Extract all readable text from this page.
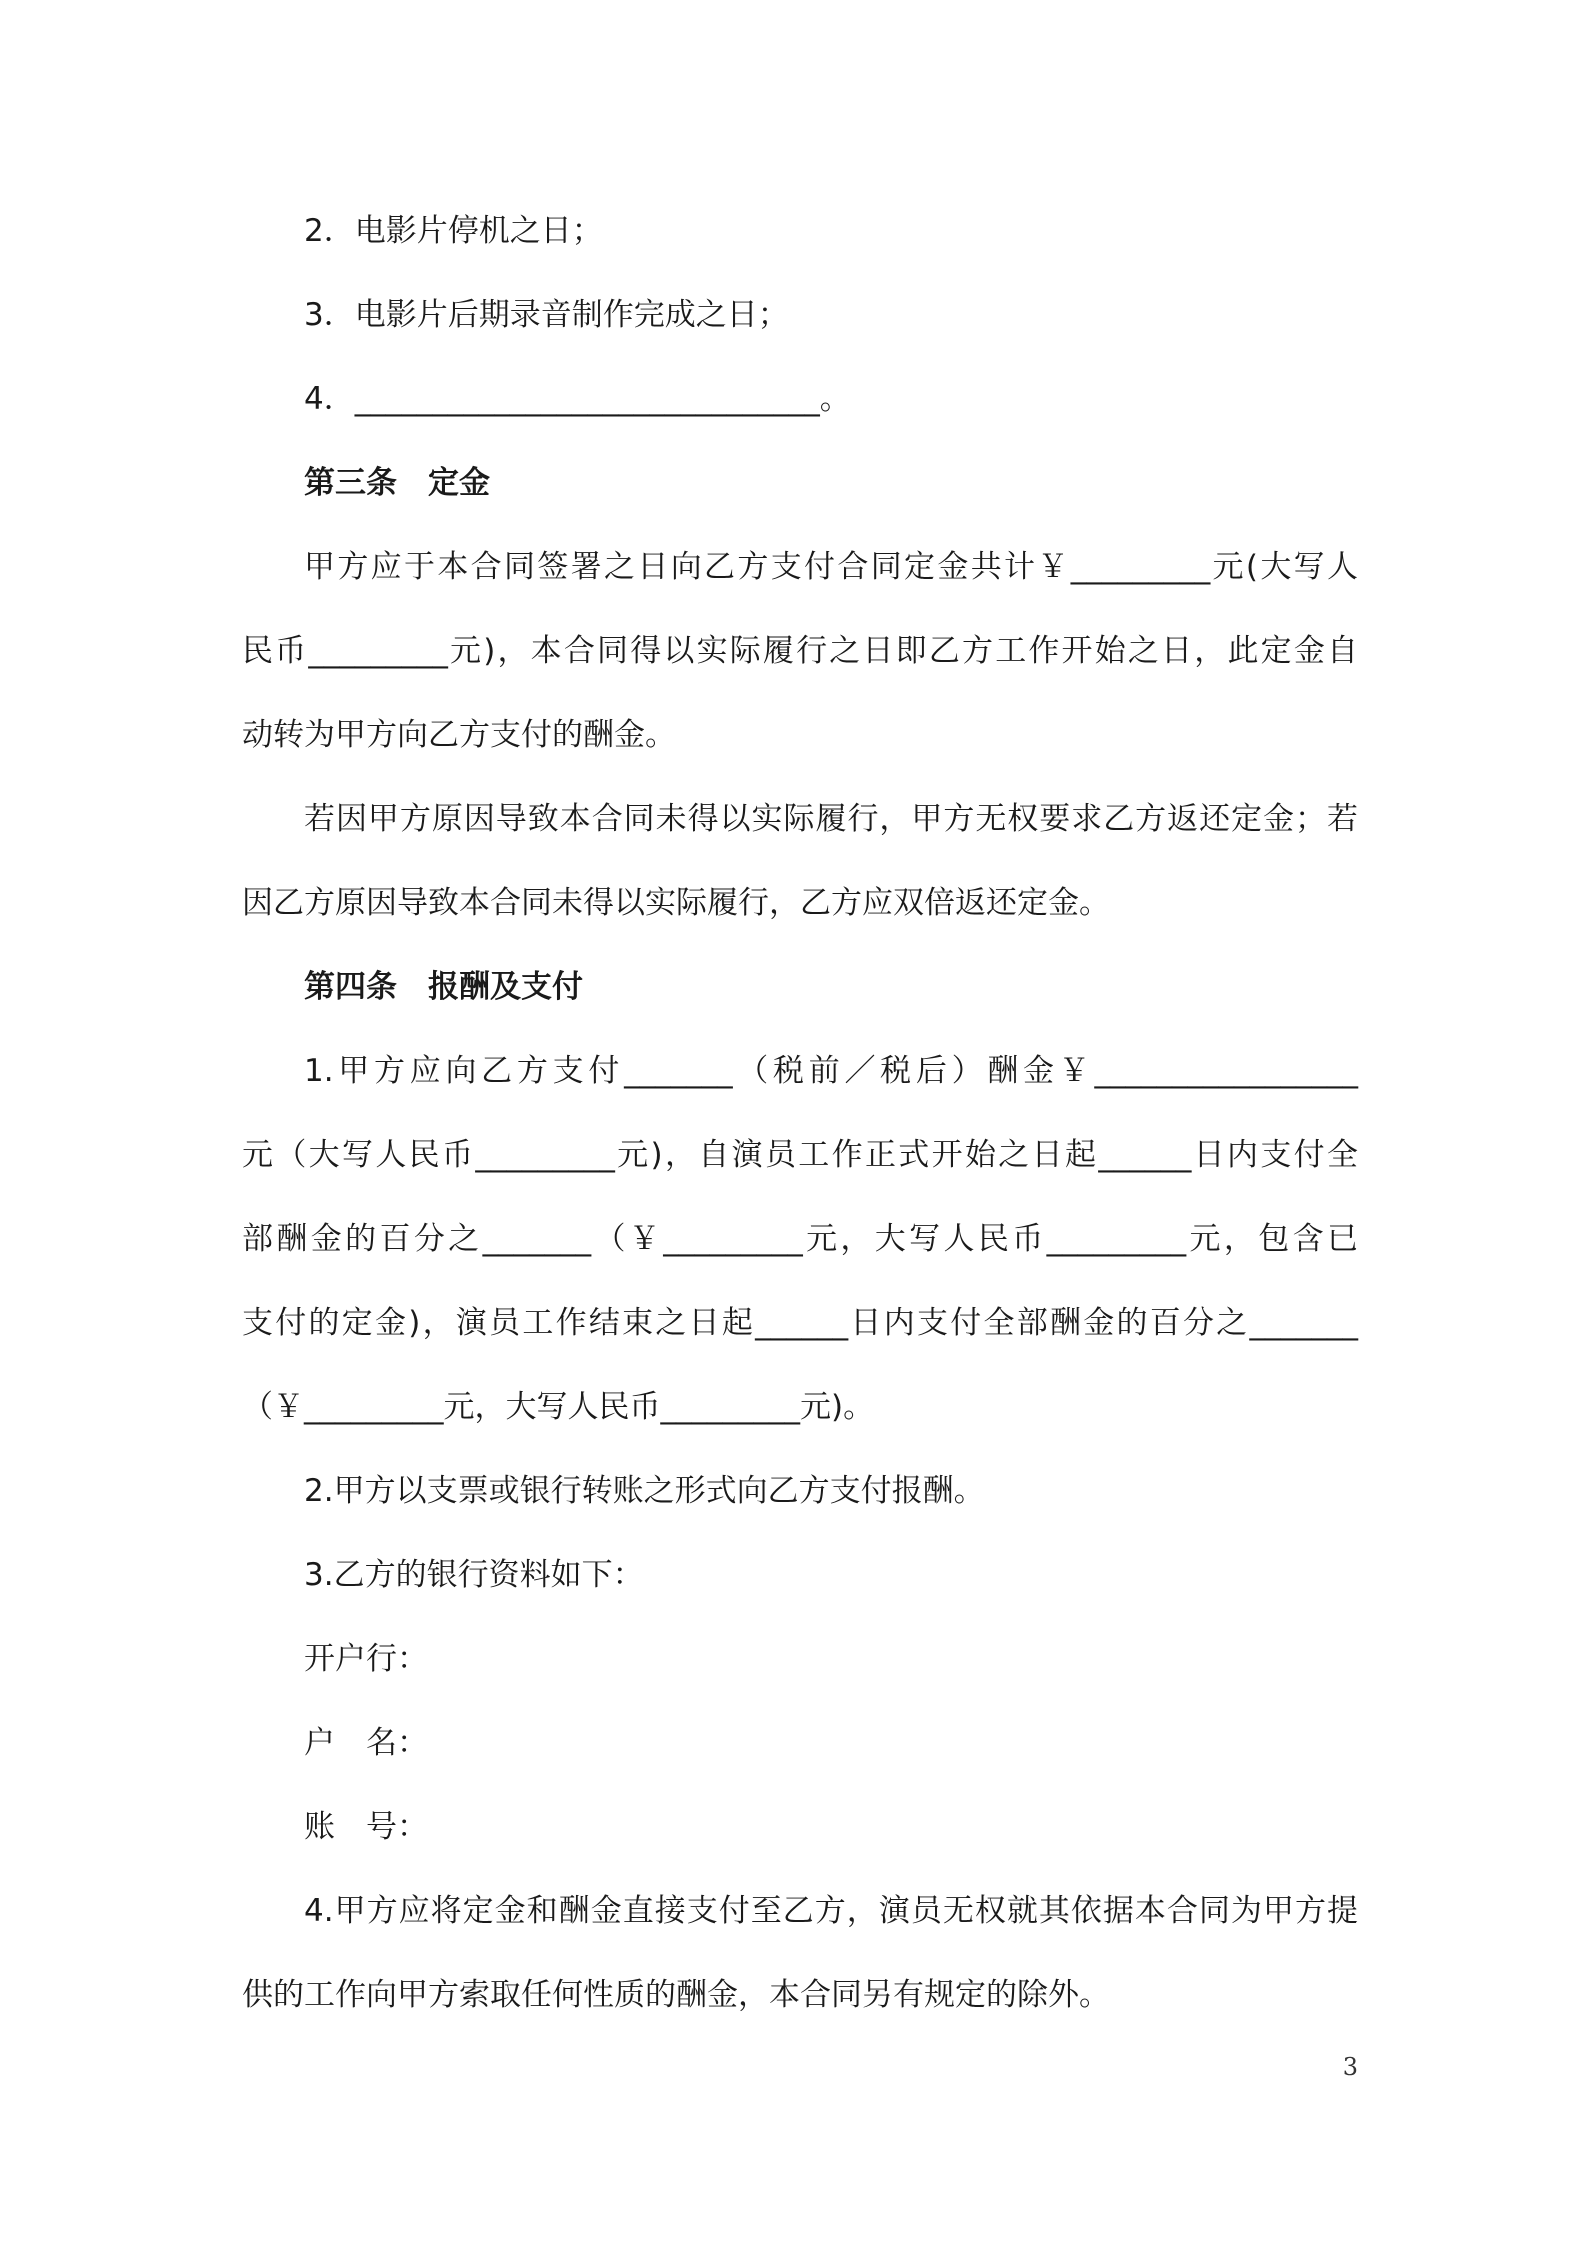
2．电影片停机之日；

3．电影片后期录音制作完成之日；

4．______________________________。

第三条　定金

甲方应于本合同签署之日向乙方支付合同定金共计￥_________元(大写人

民币_________元)，本合同得以实际履行之日即乙方工作开始之日，此定金自

动转为甲方向乙方支付的酬金。

若因甲方原因导致本合同未得以实际履行，甲方无权要求乙方返还定金；若

因乙方原因导致本合同未得以实际履行，乙方应双倍返还定金。

第四条　报酬及支付

1.甲方应向乙方支付_______（税前／税后）酬金￥_________________

元（大写人民币_________元)，自演员工作正式开始之日起______日内支付全

部酬金的百分之_______（￥_________元，大写人民币_________元，包含已

支付的定金)，演员工作结束之日起______日内支付全部酬金的百分之_______

（￥_________元，大写人民币_________元)。

2.甲方以支票或银行转账之形式向乙方支付报酬。

3.乙方的银行资料如下：

开户行：

户　名：

账　号：

4.甲方应将定金和酬金直接支付至乙方，演员无权就其依据本合同为甲方提

供的工作向甲方索取任何性质的酬金，本合同另有规定的除外。

3
